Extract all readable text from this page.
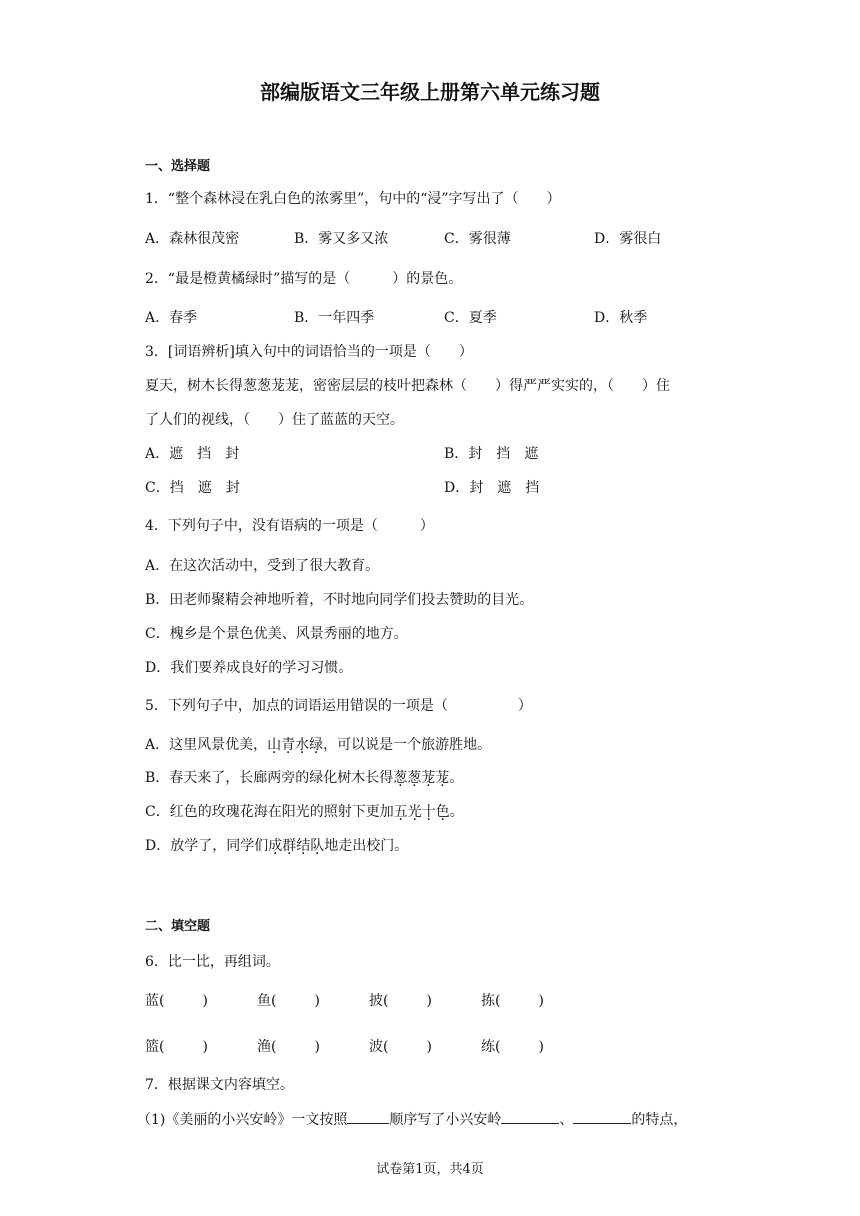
部编版语文三年级上册第六单元练习题
一、选择题
1．“整个森林浸在乳白色的浓雾里”，句中的“浸”字写出了（　　）
A．森林很茂密	B．雾又多又浓	C．雾很薄	D．雾很白
2．“最是橙黄橘绿时”描写的是（　　　）的景色。
A．春季	B．一年四季	C．夏季	D．秋季
3．[词语辨析]填入句中的词语恰当的一项是（　　）
夏天，树木长得葱葱茏茏，密密层层的枝叶把森林（　　）得严严实实的，（　　）住
了人们的视线，（　　）住了蓝蓝的天空。
A．遮　挡　封	B．封　挡　遮
C．挡　遮　封	D．封　遮　挡
4．下列句子中，没有语病的一项是（　　　）
A．在这次活动中，受到了很大教育。
B．田老师聚精会神地听着，不时地向同学们投去赞助的目光。
C．槐乡是个景色优美、风景秀丽的地方。
D．我们要养成良好的学习习惯。
5．下列句子中，加点的词语运用错误的一项是（　　　　　）
A．这里风景优美，山青水绿，可以说是一个旅游胜地。
B．春天来了，长廊两旁的绿化树木长得葱葱茏茏。
C．红色的玫瑰花海在阳光的照射下更加五光十色。
D．放学了，同学们成群结队地走出校门。
二、填空题
6．比一比，再组词。
蓝(	)	鱼(	)	披(	)	拣(	)
篮(	)	渔(	)	波(	)	练(	)
7．根据课文内容填空。
（1)《美丽的小兴安岭》一文按照	顺序写了小兴安岭	、	的特点，
试卷第1页，共4页
